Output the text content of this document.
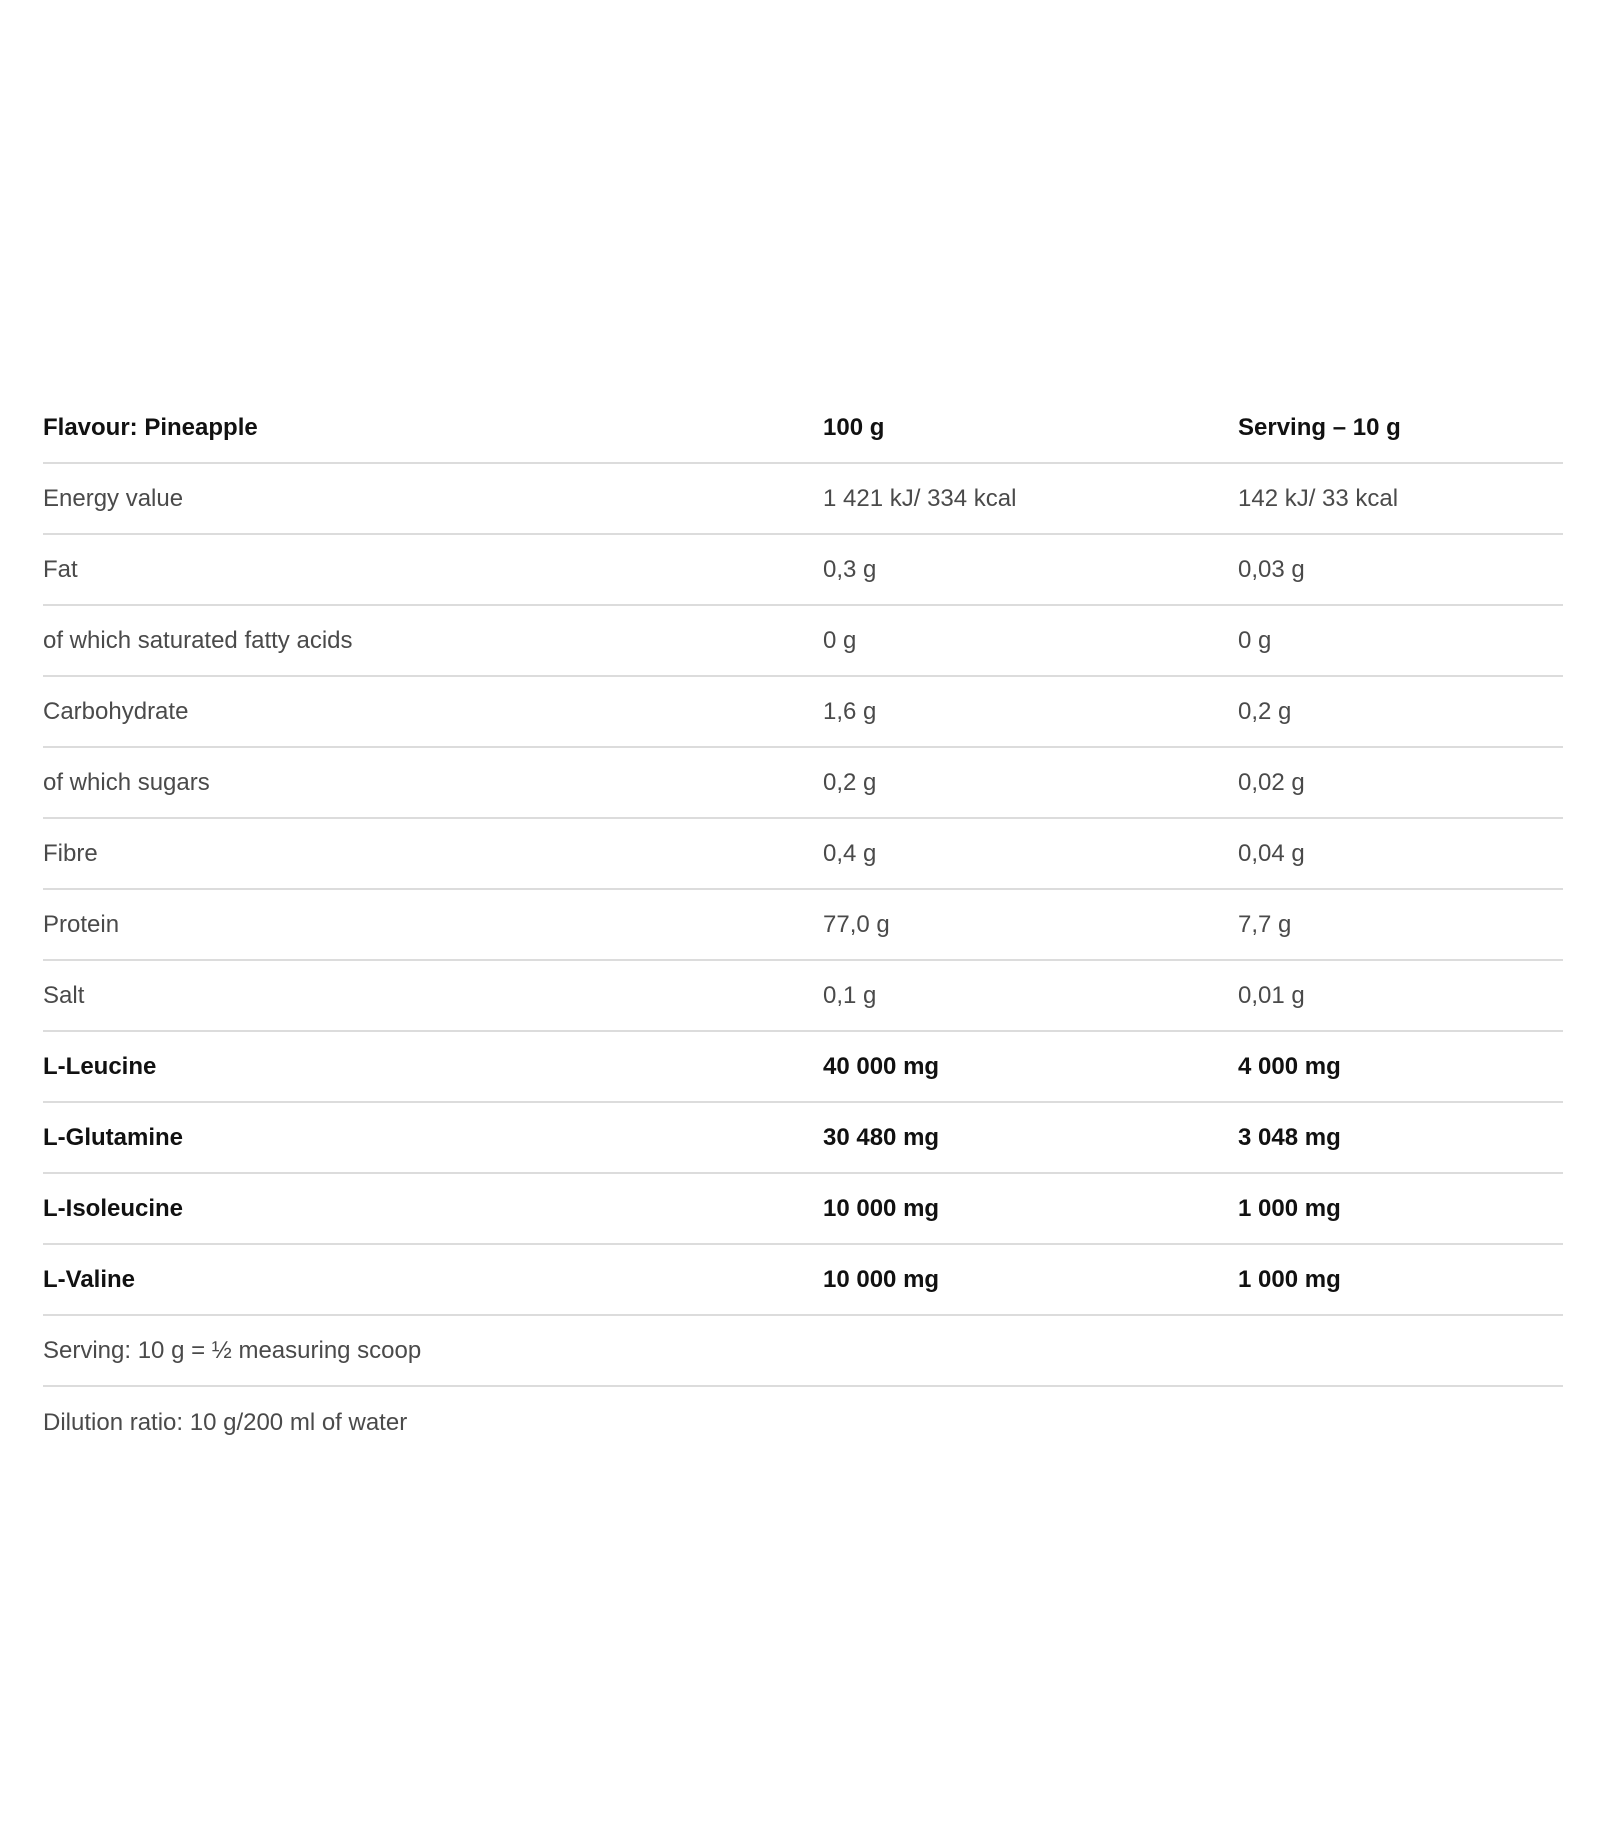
Flavour: Pineapple	100 g	Serving – 10 g
Energy value	1 421 kJ/ 334 kcal	142 kJ/ 33 kcal
Fat	0,3 g	0,03 g
of which saturated fatty acids	0 g	0 g
Carbohydrate	1,6 g	0,2 g
of which sugars	0,2 g	0,02 g
Fibre	0,4 g	0,04 g
Protein	77,0 g	7,7 g
Salt	0,1 g	0,01 g
L-Leucine	40 000 mg	4 000 mg
L-Glutamine	30 480 mg	3 048 mg
L-Isoleucine	10 000 mg	1 000 mg
L-Valine	10 000 mg	1 000 mg
Serving: 10 g = ½ measuring scoop
Dilution ratio: 10 g/200 ml of water
